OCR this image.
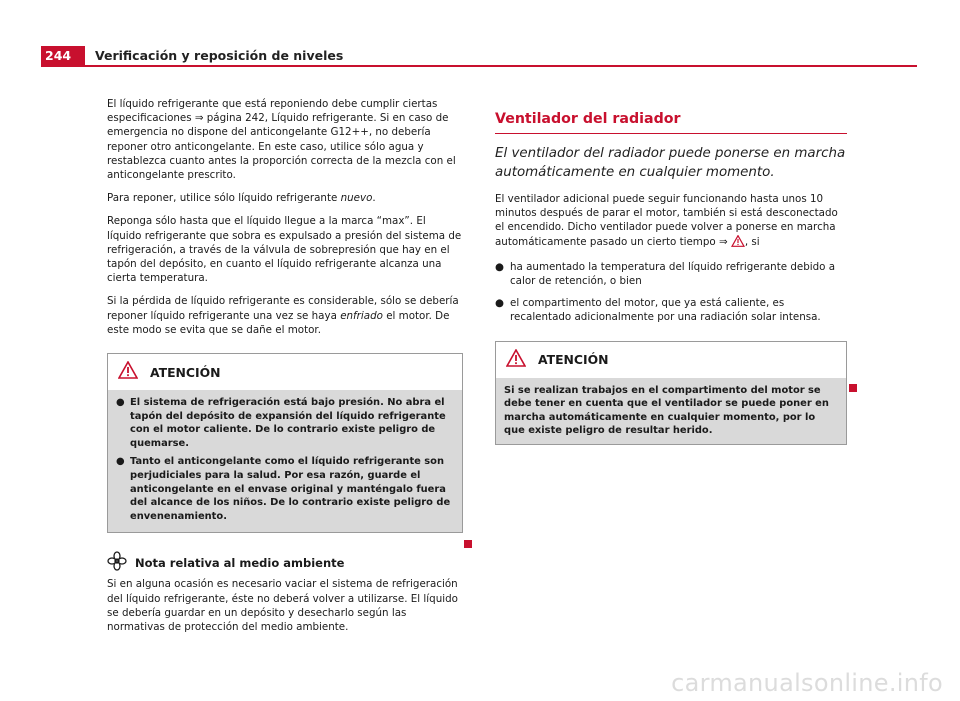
244	Verificación y reposición de niveles

El líquido refrigerante que está reponiendo debe cumplir ciertas especificaciones ⇒ página 242, Líquido refrigerante. Si en caso de emergencia no dispone del anticongelante G12++, no debería reponer otro anticongelante. En este caso, utilice sólo agua y restablezca cuanto antes la proporción correcta de la mezcla con el anticongelante prescrito.

Para reponer, utilice sólo líquido refrigerante nuevo.

Reponga sólo hasta que el líquido llegue a la marca “max”. El líquido refrigerante que sobra es expulsado a presión del sistema de refrigeración, a través de la válvula de sobrepresión que hay en el tapón del depósito, en cuanto el líquido refrigerante alcanza una cierta temperatura.

Si la pérdida de líquido refrigerante es considerable, sólo se debería reponer líquido refrigerante una vez se haya enfriado el motor. De este modo se evita que se dañe el motor.

ATENCIÓN
● El sistema de refrigeración está bajo presión. No abra el tapón del depósito de expansión del líquido refrigerante con el motor caliente. De lo contrario existe peligro de quemarse.
● Tanto el anticongelante como el líquido refrigerante son perjudiciales para la salud. Por esa razón, guarde el anticongelante en el envase original y manténgalo fuera del alcance de los niños. De lo contrario existe peligro de envenenamiento.
Nota relativa al medio ambiente

Si en alguna ocasión es necesario vaciar el sistema de refrigeración del líquido refrigerante, éste no deberá volver a utilizarse. El líquido se debería guardar en un depósito y desecharlo según las normativas de protección del medio ambiente.

Ventilador del radiador
El ventilador del radiador puede ponerse en marcha automáticamente en cualquier momento.

El ventilador adicional puede seguir funcionando hasta unos 10 minutos después de parar el motor, también si está desconectado el encendido. Dicho ventilador puede volver a ponerse en marcha automáticamente pasado un cierto tiempo ⇒ , si

● ha aumentado la temperatura del líquido refrigerante debido a calor de retención, o bien
● el compartimento del motor, que ya está caliente, es recalentado adicionalmente por una radiación solar intensa.
ATENCIÓN
Si se realizan trabajos en el compartimento del motor se debe tener en cuenta que el ventilador se puede poner en marcha automáticamente en cualquier momento, por lo que existe peligro de resultar herido.
carmanualsonline.info
